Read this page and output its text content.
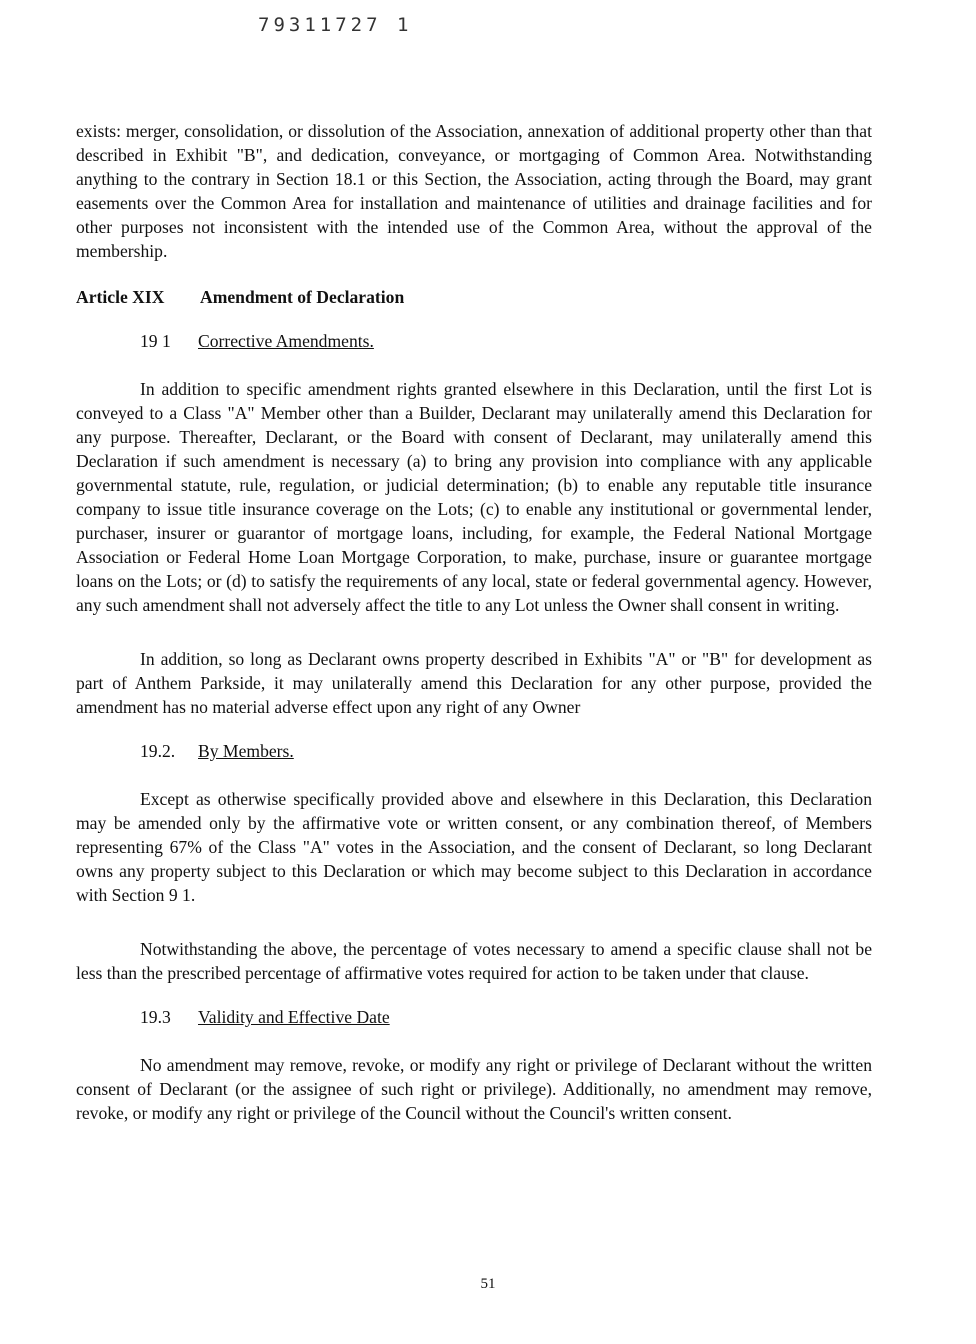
79311727 1

exists: merger, consolidation, or dissolution of the Association, annexation of additional property other than that described in Exhibit "B", and dedication, conveyance, or mortgaging of Common Area. Notwithstanding anything to the contrary in Section 18.1 or this Section, the Association, acting through the Board, may grant easements over the Common Area for installation and maintenance of utilities and drainage facilities and for other purposes not inconsistent with the intended use of the Common Area, without the approval of the membership.

Article XIX	Amendment of Declaration
19 1	Corrective Amendments.

In addition to specific amendment rights granted elsewhere in this Declaration, until the first Lot is conveyed to a Class "A" Member other than a Builder, Declarant may unilaterally amend this Declaration for any purpose. Thereafter, Declarant, or the Board with consent of Declarant, may unilaterally amend this Declaration if such amendment is necessary (a) to bring any provision into compliance with any applicable governmental statute, rule, regulation, or judicial determination; (b) to enable any reputable title insurance company to issue title insurance coverage on the Lots; (c) to enable any institutional or governmental lender, purchaser, insurer or guarantor of mortgage loans, including, for example, the Federal National Mortgage Association or Federal Home Loan Mortgage Corporation, to make, purchase, insure or guarantee mortgage loans on the Lots; or (d) to satisfy the requirements of any local, state or federal governmental agency. However, any such amendment shall not adversely affect the title to any Lot unless the Owner shall consent in writing.

In addition, so long as Declarant owns property described in Exhibits "A" or "B" for development as part of Anthem Parkside, it may unilaterally amend this Declaration for any other purpose, provided the amendment has no material adverse effect upon any right of any Owner

19.2.	By Members.

Except as otherwise specifically provided above and elsewhere in this Declaration, this Declaration may be amended only by the affirmative vote or written consent, or any combination thereof, of Members representing 67% of the Class "A" votes in the Association, and the consent of Declarant, so long Declarant owns any property subject to this Declaration or which may become subject to this Declaration in accordance with Section 9 1.

Notwithstanding the above, the percentage of votes necessary to amend a specific clause shall not be less than the prescribed percentage of affirmative votes required for action to be taken under that clause.

19.3	Validity and Effective Date

No amendment may remove, revoke, or modify any right or privilege of Declarant without the written consent of Declarant (or the assignee of such right or privilege). Additionally, no amendment may remove, revoke, or modify any right or privilege of the Council without the Council's written consent.

51
